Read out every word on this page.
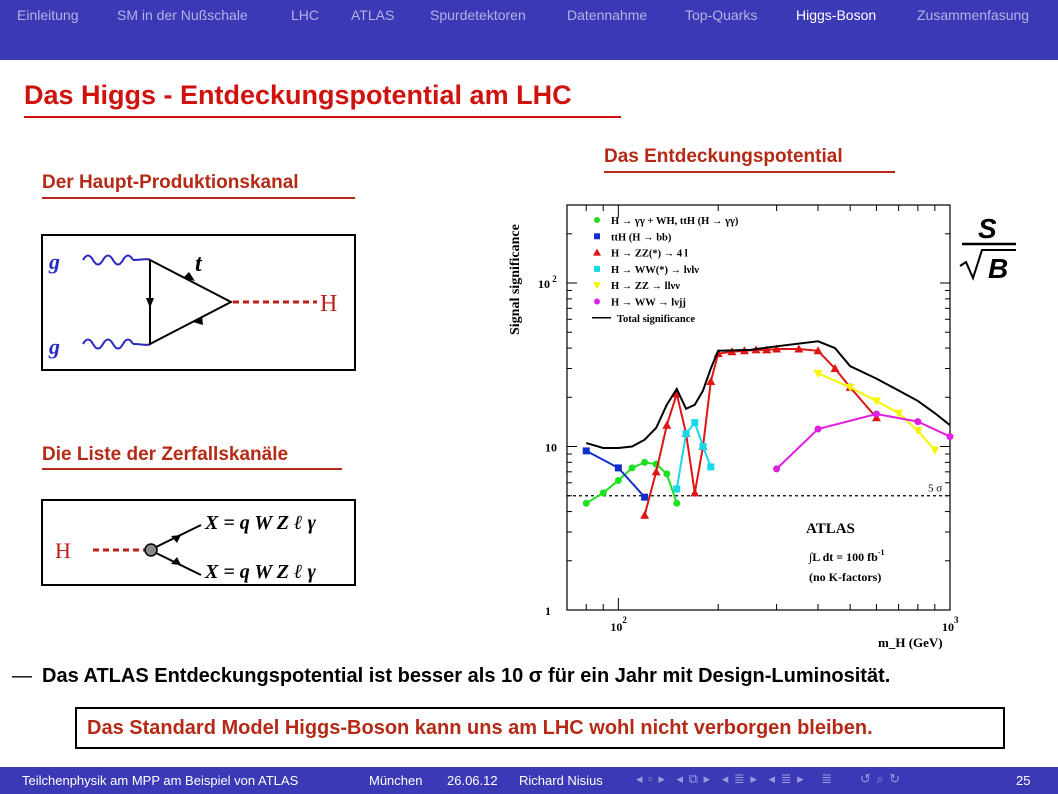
Einleitung	SM in der Nußschale	LHC ATLAS	Spurdetektoren	Datennahme	Top-Quarks	Higgs-Boson	Zusammenfasung
Das Higgs - Entdeckungspotential am LHC
Der Haupt-Produktionskanal
g
g
t
H
Die Liste der Zerfallskanäle
H
X = q W Z ℓ γ
X = q W Z ℓ γ
S
B
Das Entdeckungspotential
1
10
10 $^2$
$10^2$	$10^3$
5 σ
H → γγ + WH, ttH (H → γγ)
ttH (H → bb)
H → ZZ(*) → 4 l
H → WW(*) → lνlν
H → ZZ → llνν
H → WW → lνjj
Total significance
ATLAS
∫L dt = 100 $fb^{-1}$
(no K-factors)
m_H (GeV)
Signal significance
— Das ATLAS Entdeckungspotential ist besser als 10 σ für ein Jahr mit Design-Luminosität.
Das Standard Model Higgs-Boson kann uns am LHC wohl nicht verborgen bleiben.
Teilchenphysik am MPP am Beispiel von ATLAS	München 26.06.12 Richard Nisius	◂ ▫ ▸ ◂ ⧉ ▸ ◂ ≣ ▸ ◂ ≣ ▸ ≣ ↺ ⌕ ↻	25
